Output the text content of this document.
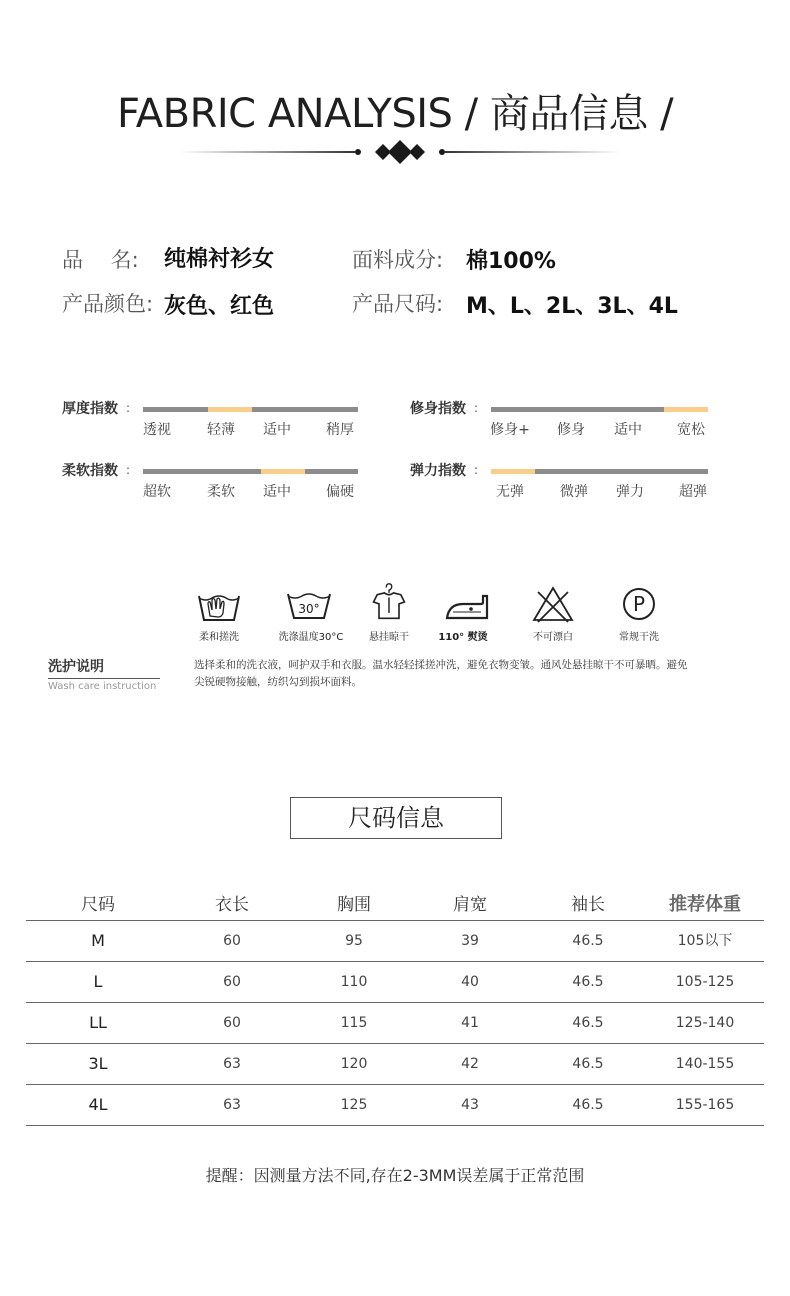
FABRIC ANALYSIS / 商品信息 /
品　 名: 纯棉衬衫女	面料成分: 棉100%
产品颜色: 灰色、红色	产品尺码: M、L、2L、3L、4L
厚度指数 :
透视	轻薄	适中	稍厚
修身指数 :
修身+	修身	适中	宽松
柔软指数 :
超软	柔软	适中	偏硬
弹力指数 :
无弹	微弹	弹力	超弹
柔和搓洗
30°
洗涤温度30°C	悬挂晾干	110° 熨烫	不可漂白
P
常规干洗
洗护说明
Wash care instruction
选择柔和的洗衣液，呵护双手和衣服。温水轻轻揉搓冲洗，避免衣物变皱。通风处悬挂晾干不可暴晒。避免尖锐硬物接触，纺织勾到损坏面料。
尺码信息
尺码	衣长	胸围	肩宽	袖长	推荐体重
M	60	95	39	46.5	105以下
L	60	110	40	46.5	105-125
LL	60	115	41	46.5	125-140
3L	63	120	42	46.5	140-155
4L	63	125	43	46.5	155-165
提醒：因测量方法不同,存在2-3MM误差属于正常范围
